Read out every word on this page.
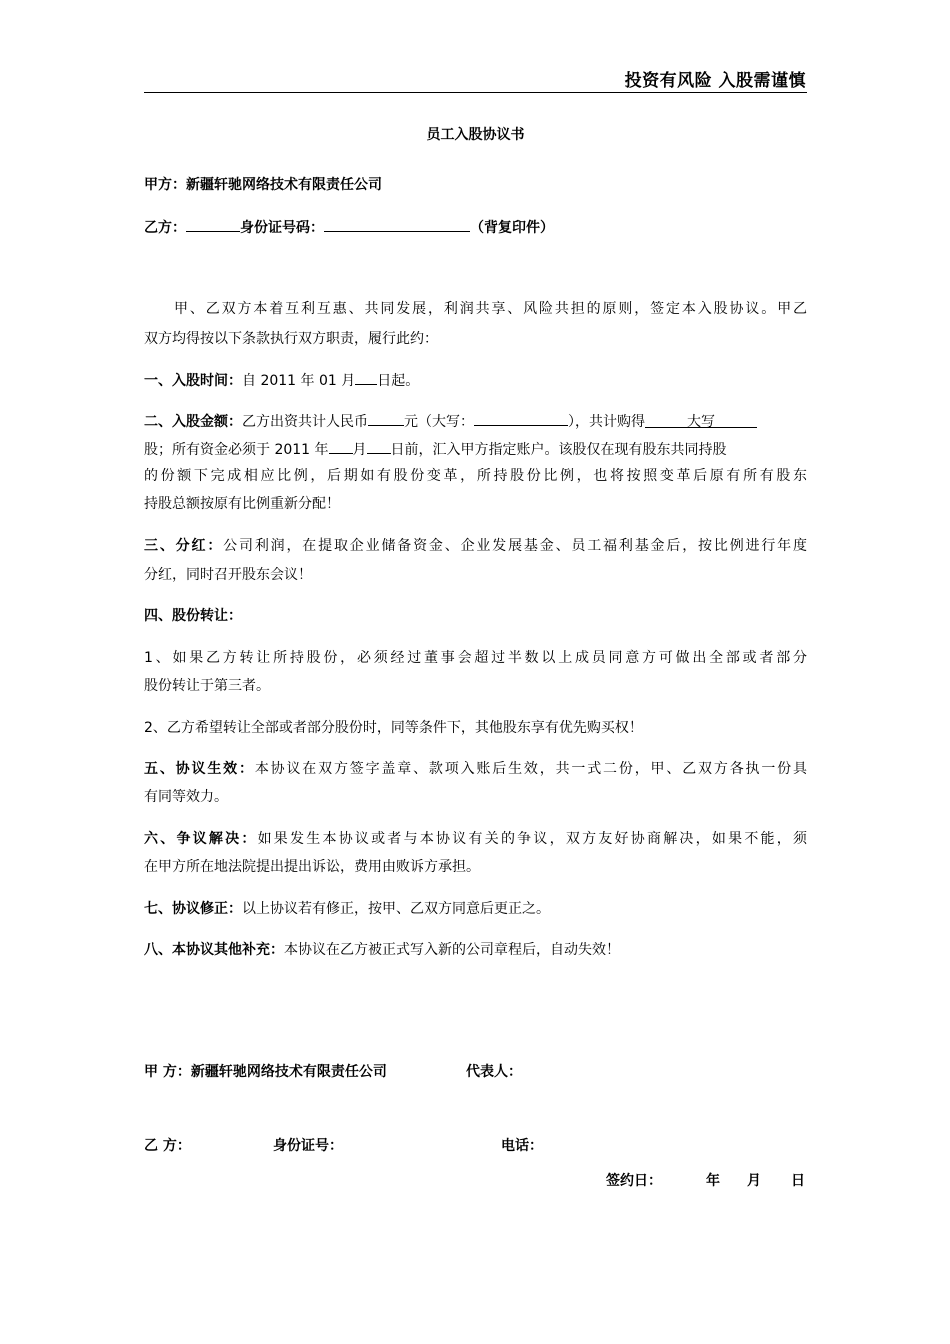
投资有风险 入股需谨慎
员工入股协议书
甲方：新疆轩驰网络技术有限责任公司
乙方：	身份证号码：	（背复印件）
甲、乙双方本着互利互惠、共同发展，利润共享、风险共担的原则，签定本入股协议。甲乙
双方均得按以下条款执行双方职责，履行此约：
一、入股时间：自 2011 年 01 月 日起。
二、入股金额：乙方出资共计人民币	元（大写：	），共计购得	大写
股；所有资金必须于 2011 年 月 日前，汇入甲方指定账户。该股仅在现有股东共同持股
的份额下完成相应比例，后期如有股份变革，所持股份比例，也将按照变革后原有所有股东
持股总额按原有比例重新分配！
三、分红：公司利润，在提取企业储备资金、企业发展基金、员工福利基金后，按比例进行年度
分红，同时召开股东会议！
四、股份转让：
1、如果乙方转让所持股份，必须经过董事会超过半数以上成员同意方可做出全部或者部分
股份转让于第三者。
2、乙方希望转让全部或者部分股份时，同等条件下，其他股东享有优先购买权！
五、协议生效：本协议在双方签字盖章、款项入账后生效，共一式二份，甲、乙双方各执一份具
有同等效力。
六、争议解决：如果发生本协议或者与本协议有关的争议，双方友好协商解决，如果不能，须
在甲方所在地法院提出提出诉讼，费用由败诉方承担。
七、协议修正：以上协议若有修正，按甲、乙双方同意后更正之。
八、本协议其他补充：本协议在乙方被正式写入新的公司章程后，自动失效！
甲 方：新疆轩驰网络技术有限责任公司	代表人：
乙 方：	身份证号：	电话：
签约日：	年 月 日
